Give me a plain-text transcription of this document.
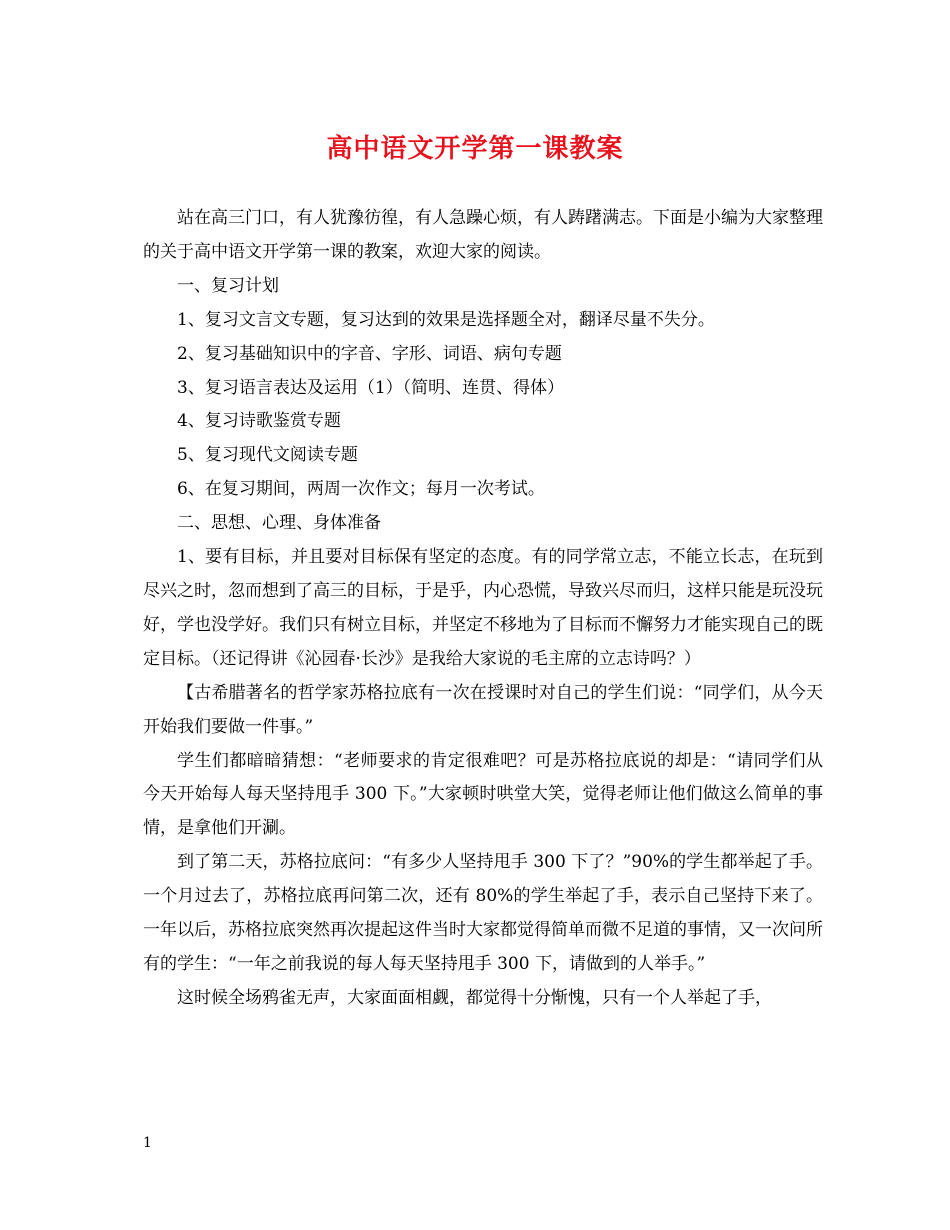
高中语文开学第一课教案

站在高三门口，有人犹豫彷徨，有人急躁心烦，有人踌躇满志。下面是小编为大家整理的关于高中语文开学第一课的教案，欢迎大家的阅读。

一、复习计划

1、复习文言文专题，复习达到的效果是选择题全对，翻译尽量不失分。

2、复习基础知识中的字音、字形、词语、病句专题

3、复习语言表达及运用（1）（简明、连贯、得体）

4、复习诗歌鉴赏专题

5、复习现代文阅读专题

6、在复习期间，两周一次作文；每月一次考试。

二、思想、心理、身体准备

1、要有目标，并且要对目标保有坚定的态度。有的同学常立志，不能立长志，在玩到尽兴之时，忽而想到了高三的目标，于是乎，内心恐慌，导致兴尽而归，这样只能是玩没玩好，学也没学好。我们只有树立目标，并坚定不移地为了目标而不懈努力才能实现自己的既定目标。（还记得讲《沁园春·长沙》是我给大家说的毛主席的立志诗吗？）

【古希腊著名的哲学家苏格拉底有一次在授课时对自己的学生们说：“同学们，从今天开始我们要做一件事。”

学生们都暗暗猜想：“老师要求的肯定很难吧？可是苏格拉底说的却是：“请同学们从今天开始每人每天坚持甩手 300 下。”大家顿时哄堂大笑，觉得老师让他们做这么简单的事情，是拿他们开涮。

到了第二天，苏格拉底问：“有多少人坚持甩手 300 下了？”90%的学生都举起了手。一个月过去了，苏格拉底再问第二次，还有 80%的学生举起了手，表示自己坚持下来了。一年以后，苏格拉底突然再次提起这件当时大家都觉得简单而微不足道的事情，又一次问所有的学生：“一年之前我说的每人每天坚持甩手 300 下，请做到的人举手。”

这时候全场鸦雀无声，大家面面相觑，都觉得十分惭愧，只有一个人举起了手，

1
